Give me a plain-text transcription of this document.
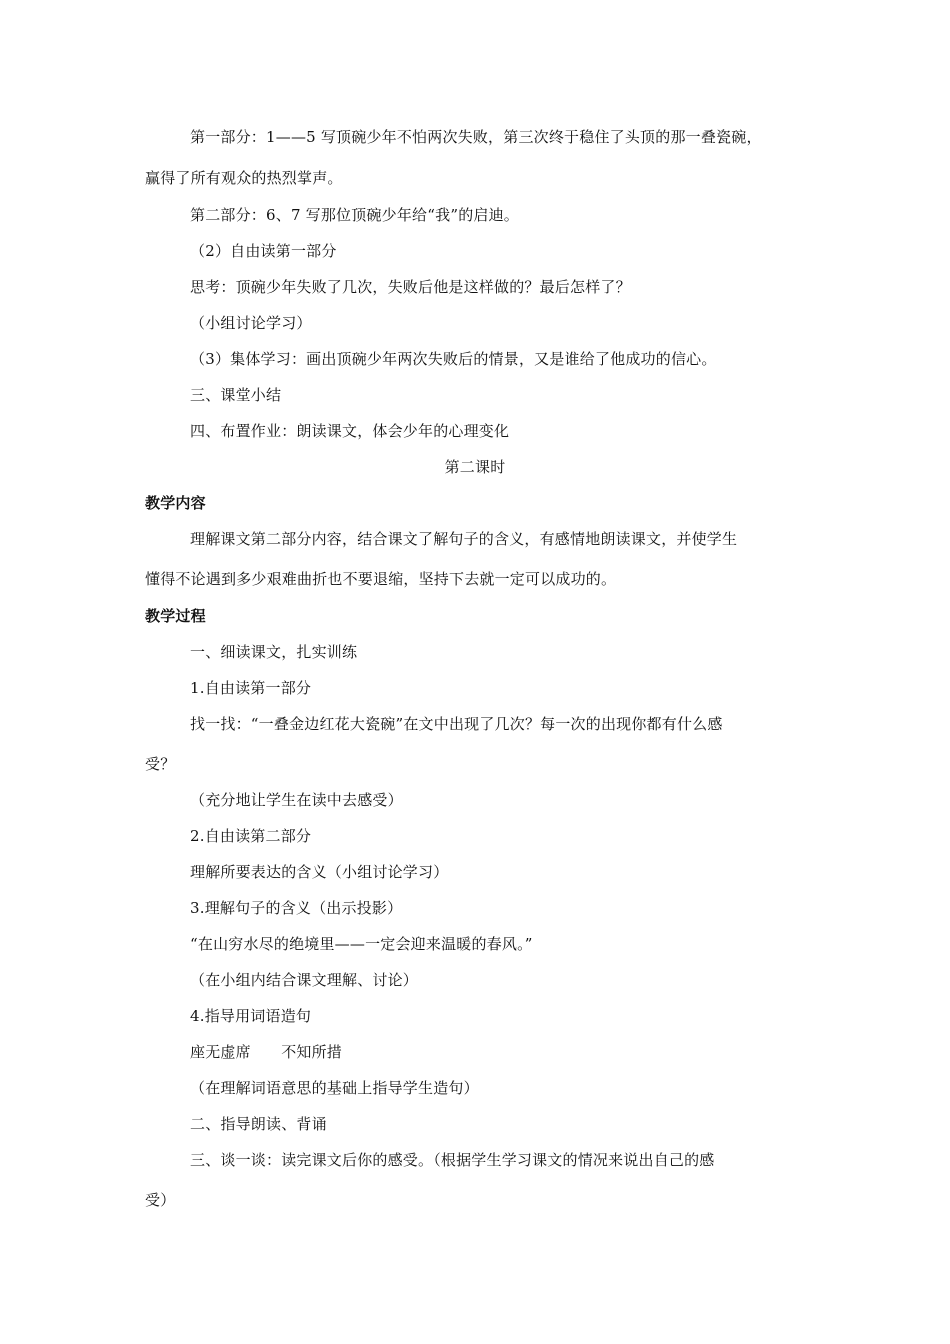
第一部分：1——5 写顶碗少年不怕两次失败，第三次终于稳住了头顶的那一叠瓷碗，
赢得了所有观众的热烈掌声。
第二部分：6、7 写那位顶碗少年给“我”的启迪。
（2）自由读第一部分
思考：顶碗少年失败了几次，失败后他是这样做的？最后怎样了？
（小组讨论学习）
（3）集体学习：画出顶碗少年两次失败后的情景，又是谁给了他成功的信心。
三、课堂小结
四、布置作业：朗读课文，体会少年的心理变化
第二课时
教学内容
理解课文第二部分内容，结合课文了解句子的含义，有感情地朗读课文，并使学生
懂得不论遇到多少艰难曲折也不要退缩，坚持下去就一定可以成功的。
教学过程
一、细读课文，扎实训练
1.自由读第一部分
找一找：“一叠金边红花大瓷碗”在文中出现了几次？每一次的出现你都有什么感
受？
（充分地让学生在读中去感受）
2.自由读第二部分
理解所要表达的含义（小组讨论学习）
3.理解句子的含义（出示投影）
“在山穷水尽的绝境里——一定会迎来温暖的春风。”
（在小组内结合课文理解、讨论）
4.指导用词语造句
座无虚席　　不知所措
（在理解词语意思的基础上指导学生造句）
二、指导朗读、背诵
三、谈一谈：读完课文后你的感受。（根据学生学习课文的情况来说出自己的感
受）
